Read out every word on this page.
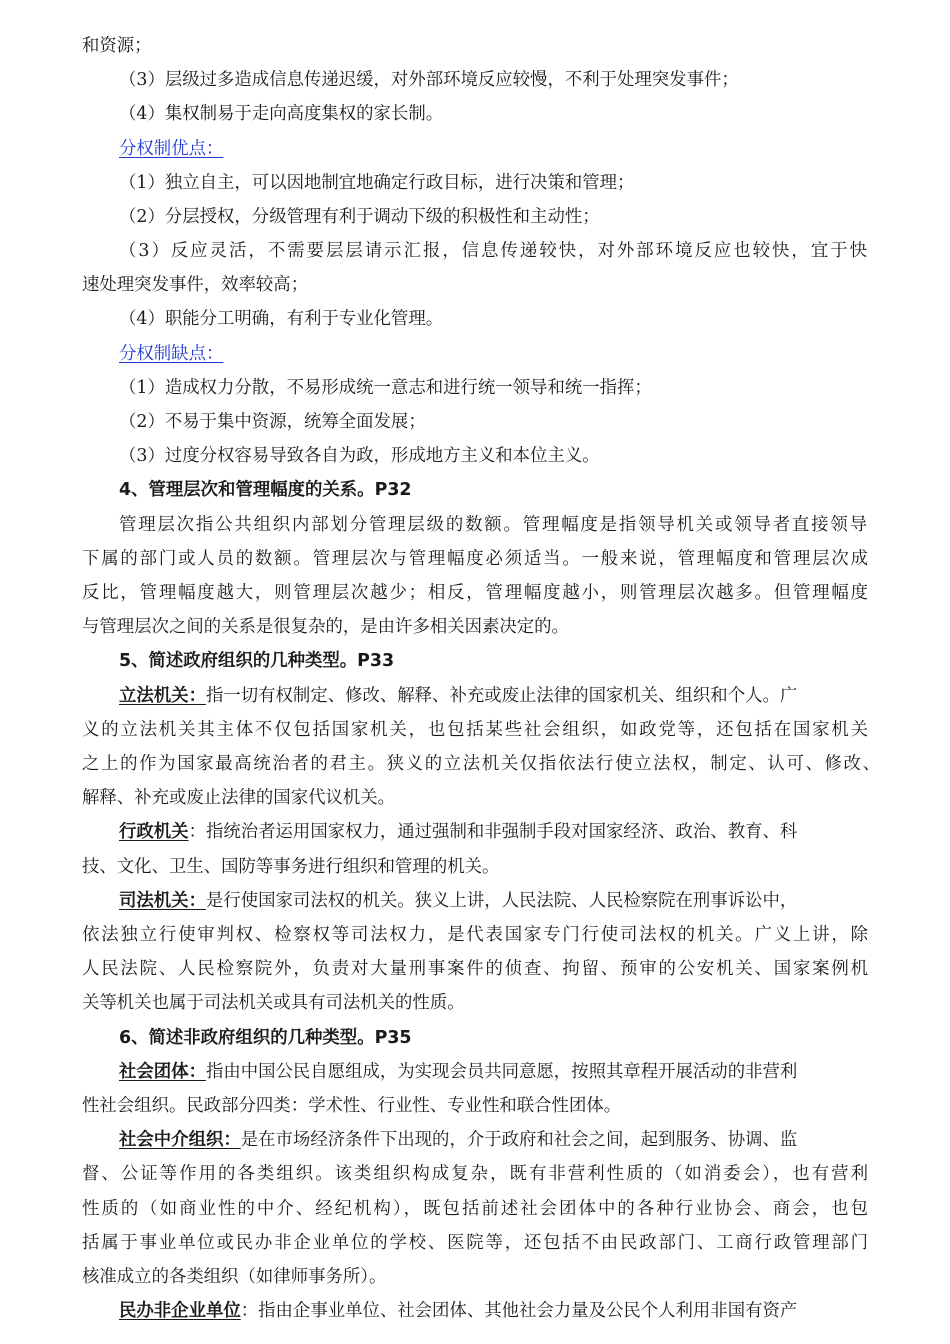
和资源；
（3）层级过多造成信息传递迟缓，对外部环境反应较慢，不利于处理突发事件；
（4）集权制易于走向高度集权的家长制。
分权制优点：
（1）独立自主，可以因地制宜地确定行政目标，进行决策和管理；
（2）分层授权，分级管理有利于调动下级的积极性和主动性；
（3）反应灵活，不需要层层请示汇报，信息传递较快，对外部环境反应也较快，宜于快
速处理突发事件，效率较高；
（4）职能分工明确，有利于专业化管理。
分权制缺点：
（1）造成权力分散，不易形成统一意志和进行统一领导和统一指挥；
（2）不易于集中资源，统筹全面发展；
（3）过度分权容易导致各自为政，形成地方主义和本位主义。
4、管理层次和管理幅度的关系。P32
管理层次指公共组织内部划分管理层级的数额。管理幅度是指领导机关或领导者直接领导
下属的部门或人员的数额。管理层次与管理幅度必须适当。一般来说，管理幅度和管理层次成
反比，管理幅度越大，则管理层次越少；相反，管理幅度越小，则管理层次越多。但管理幅度
与管理层次之间的关系是很复杂的，是由许多相关因素决定的。
5、简述政府组织的几种类型。P33
立法机关：指一切有权制定、修改、解释、补充或废止法律的国家机关、组织和个人。广
义的立法机关其主体不仅包括国家机关，也包括某些社会组织，如政党等，还包括在国家机关
之上的作为国家最高统治者的君主。狭义的立法机关仅指依法行使立法权，制定、认可、修改、
解释、补充或废止法律的国家代议机关。
行政机关：指统治者运用国家权力，通过强制和非强制手段对国家经济、政治、教育、科
技、文化、卫生、国防等事务进行组织和管理的机关。
司法机关：是行使国家司法权的机关。狭义上讲，人民法院、人民检察院在刑事诉讼中，
依法独立行使审判权、检察权等司法权力，是代表国家专门行使司法权的机关。广义上讲，除
人民法院、人民检察院外，负责对大量刑事案件的侦查、拘留、预审的公安机关、国家案例机
关等机关也属于司法机关或具有司法机关的性质。
6、简述非政府组织的几种类型。P35
社会团体：指由中国公民自愿组成，为实现会员共同意愿，按照其章程开展活动的非营利
性社会组织。民政部分四类：学术性、行业性、专业性和联合性团体。
社会中介组织：是在市场经济条件下出现的，介于政府和社会之间，起到服务、协调、监
督、公证等作用的各类组织。该类组织构成复杂，既有非营利性质的（如消委会），也有营利
性质的（如商业性的中介、经纪机构），既包括前述社会团体中的各种行业协会、商会，也包
括属于事业单位或民办非企业单位的学校、医院等，还包括不由民政部门、工商行政管理部门
核准成立的各类组织（如律师事务所）。
民办非企业单位：指由企事业单位、社会团体、其他社会力量及公民个人利用非国有资产
